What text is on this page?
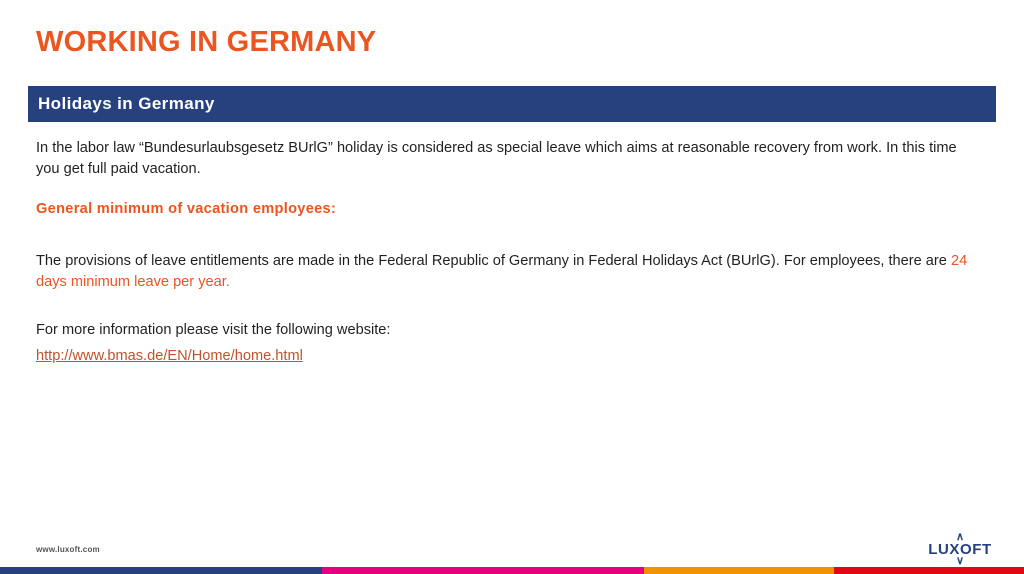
WORKING IN GERMANY
Holidays in Germany

In the labor law “Bundesurlaubsgesetz BUrlG” holiday is considered as special leave which aims at reasonable recovery from work. In this time you get full paid vacation.

General minimum of vacation employees:

The provisions of leave entitlements are made in the Federal Republic of Germany in Federal Holidays Act (BUrlG). For employees, there are 24 days minimum leave per year.

For more information please visit the following website:

http://www.bmas.de/EN/Home/home.html
www.luxoft.com
∧
LUXOFT
∨
